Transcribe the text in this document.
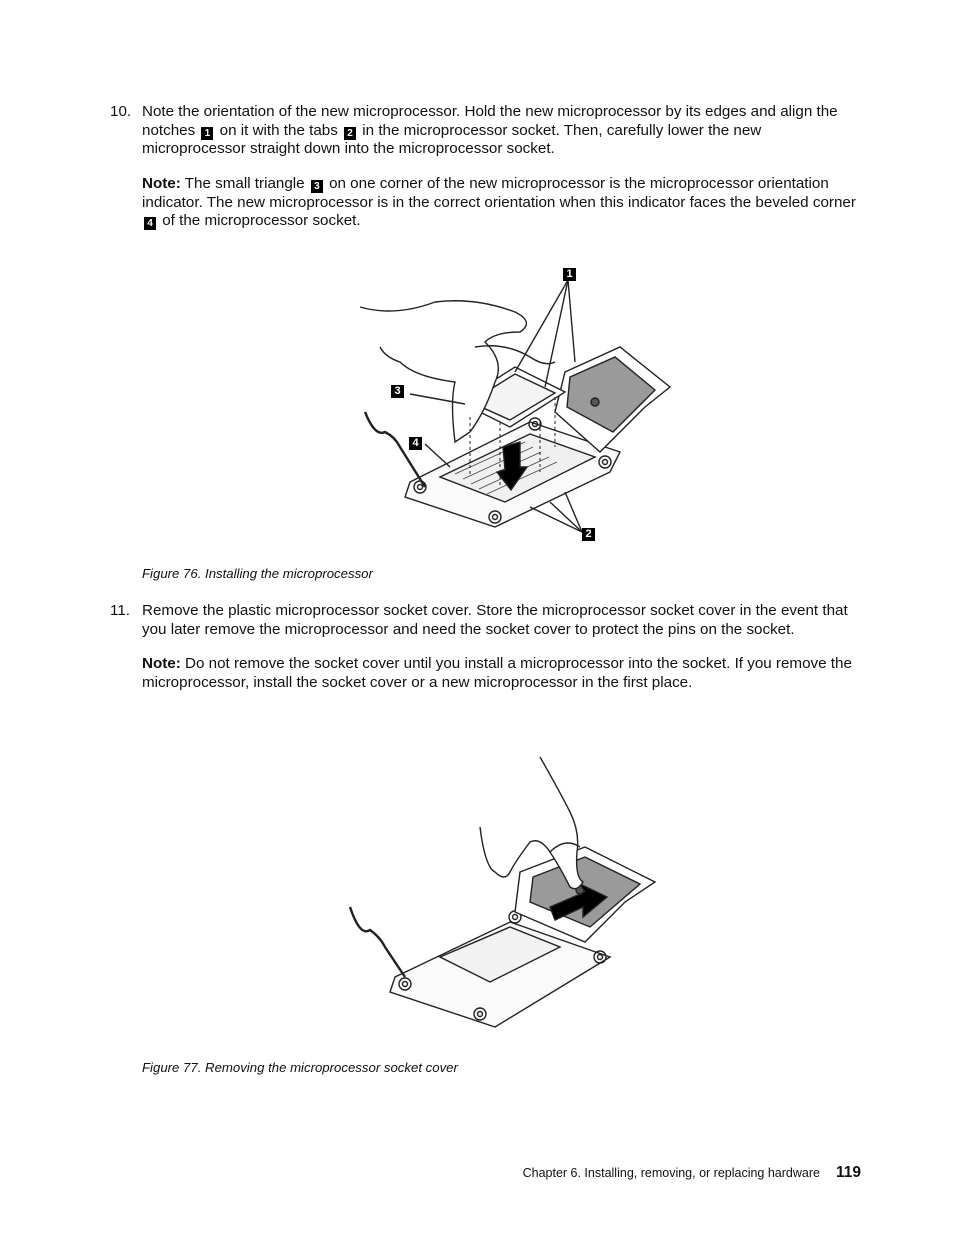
10. Note the orientation of the new microprocessor. Hold the new microprocessor by its edges and align the notches 1 on it with the tabs 2 in the microprocessor socket. Then, carefully lower the new microprocessor straight down into the microprocessor socket.
Note: The small triangle 3 on one corner of the new microprocessor is the microprocessor orientation indicator. The new microprocessor is in the correct orientation when this indicator faces the beveled corner 4 of the microprocessor socket.
1
2
3
4
Figure 76. Installing the microprocessor
11. Remove the plastic microprocessor socket cover. Store the microprocessor socket cover in the event that you later remove the microprocessor and need the socket cover to protect the pins on the socket.
Note: Do not remove the socket cover until you install a microprocessor into the socket. If you remove the microprocessor, install the socket cover or a new microprocessor in the first place.
Figure 77. Removing the microprocessor socket cover
Chapter 6. Installing, removing, or replacing hardware 119
